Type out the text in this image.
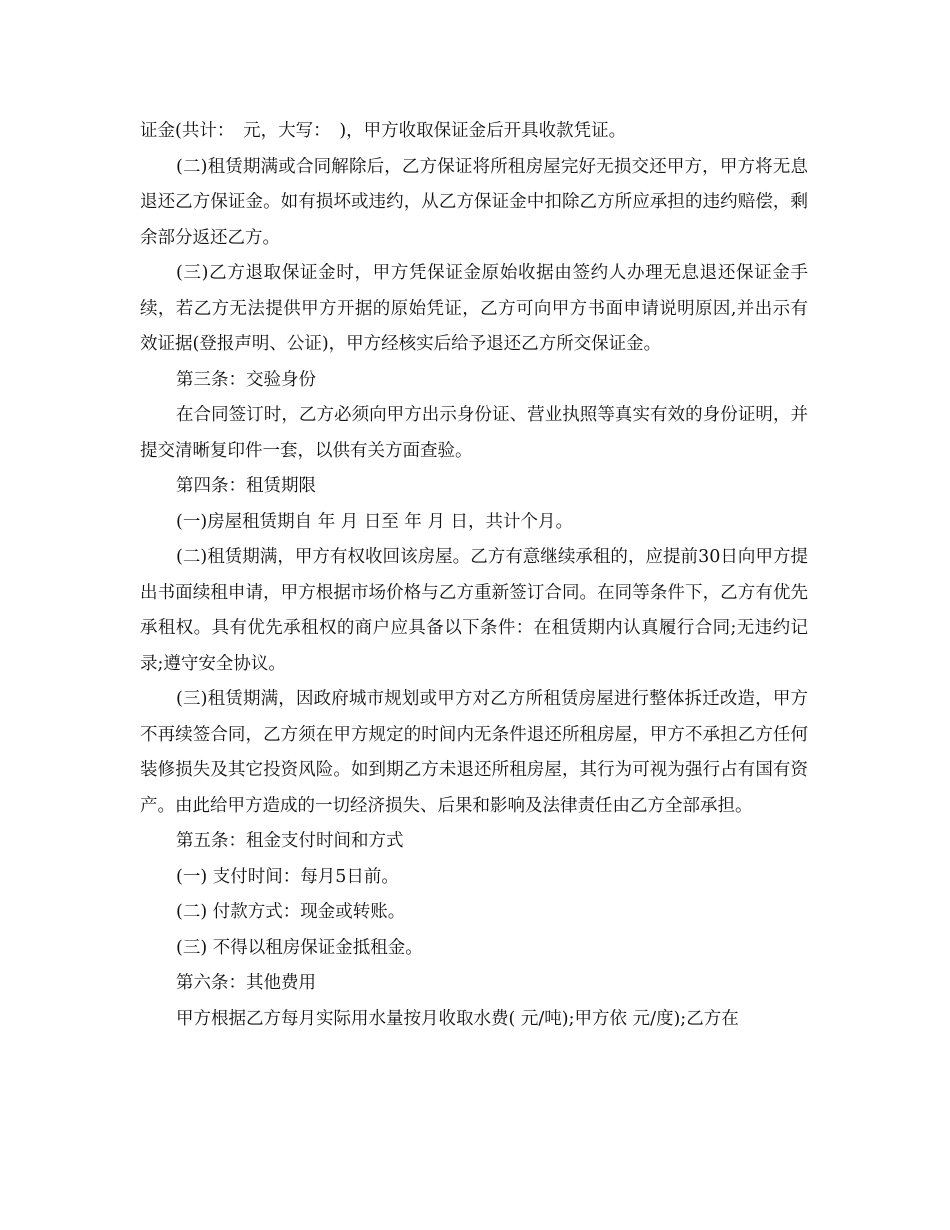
证金(共计：　元，大写：　)，甲方收取保证金后开具收款凭证。

(二)租赁期满或合同解除后，乙方保证将所租房屋完好无损交还甲方，甲方将无息退还乙方保证金。如有损坏或违约，从乙方保证金中扣除乙方所应承担的违约赔偿，剩余部分返还乙方。

(三)乙方退取保证金时，甲方凭保证金原始收据由签约人办理无息退还保证金手续，若乙方无法提供甲方开据的原始凭证，乙方可向甲方书面申请说明原因,并出示有效证据(登报声明、公证)，甲方经核实后给予退还乙方所交保证金。

第三条：交验身份

在合同签订时，乙方必须向甲方出示身份证、营业执照等真实有效的身份证明，并提交清晰复印件一套，以供有关方面查验。

第四条：租赁期限

(一)房屋租赁期自 年 月 日至 年 月 日，共计个月。

(二)租赁期满，甲方有权收回该房屋。乙方有意继续承租的，应提前30日向甲方提出书面续租申请，甲方根据市场价格与乙方重新签订合同。在同等条件下，乙方有优先承租权。具有优先承租权的商户应具备以下条件：在租赁期内认真履行合同;无违约记录;遵守安全协议。

(三)租赁期满，因政府城市规划或甲方对乙方所租赁房屋进行整体拆迁改造，甲方不再续签合同，乙方须在甲方规定的时间内无条件退还所租房屋，甲方不承担乙方任何装修损失及其它投资风险。如到期乙方未退还所租房屋，其行为可视为强行占有国有资产。由此给甲方造成的一切经济损失、后果和影响及法律责任由乙方全部承担。

第五条：租金支付时间和方式

(一) 支付时间：每月5日前。

(二) 付款方式：现金或转账。

(三) 不得以租房保证金抵租金。

第六条：其他费用

甲方根据乙方每月实际用水量按月收取水费( 元/吨);甲方依 元/度);乙方在
